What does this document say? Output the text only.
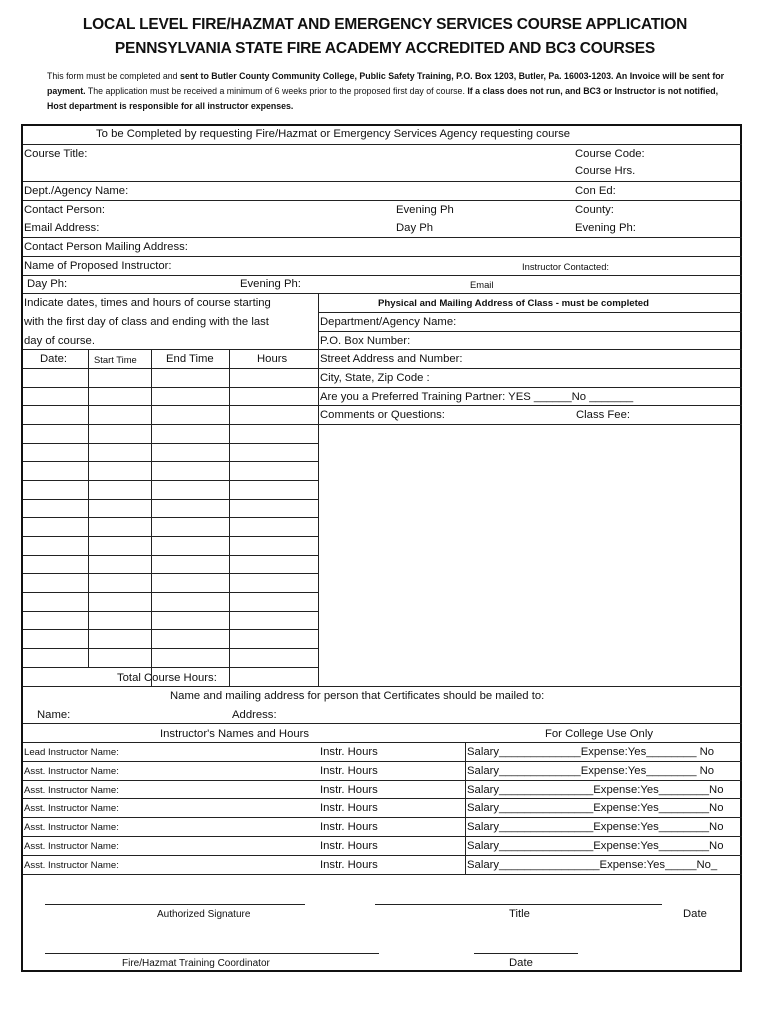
LOCAL LEVEL FIRE/HAZMAT AND EMERGENCY SERVICES COURSE APPLICATION
PENNSYLVANIA STATE FIRE ACADEMY ACCREDITED AND BC3 COURSES
This form must be completed and sent to Butler County Community College, Public Safety Training, P.O. Box 1203, Butler, Pa. 16003-1203. An Invoice will be sent for payment. The application must be received a minimum of 6 weeks prior to the proposed first day of course. If a class does not run, and BC3 or Instructor is not notified, Host department is responsible for all instructor expenses.
To be Completed by requesting Fire/Hazmat or Emergency Services Agency requesting course
Course Title:	Course Code:
Course Hrs.
Dept./Agency Name:	Con Ed:
Contact Person:	Evening Ph	County:
Email Address:	Day Ph	Evening Ph:
Contact Person Mailing Address:
Name of Proposed Instructor:	Instructor Contacted:
Day Ph:	Evening Ph:	Email
Indicate dates, times and hours of course starting
with the first day of class and ending with the last
day of course.
Physical and Mailing Address of Class - must be completed
Department/Agency Name:
P.O. Box Number:
Street Address and Number:
City, State, Zip Code :
Are you a Preferred Training Partner: YES ______No _______
Comments or Questions:	Class Fee:
Date:	Start Time	End Time	Hours
Total Course Hours:
Name and mailing address for person that Certificates should be mailed to:
Name:	Address:
Instructor's Names and Hours	For College Use Only
Lead Instructor Name:	Instr. Hours	Salary_____________Expense:Yes________ No
Asst. Instructor Name:	Instr. Hours	Salary_____________Expense:Yes________ No
Asst. Instructor Name:	Instr. Hours	Salary_______________Expense:Yes________No
Asst. Instructor Name:	Instr. Hours	Salary_______________Expense:Yes________No
Asst. Instructor Name:	Instr. Hours	Salary_______________Expense:Yes________No
Asst. Instructor Name:	Instr. Hours	Salary_______________Expense:Yes________No
Asst. Instructor Name:	Instr. Hours	Salary________________Expense:Yes_____No_
Authorized Signature	Title	Date
Fire/Hazmat Training Coordinator	Date
